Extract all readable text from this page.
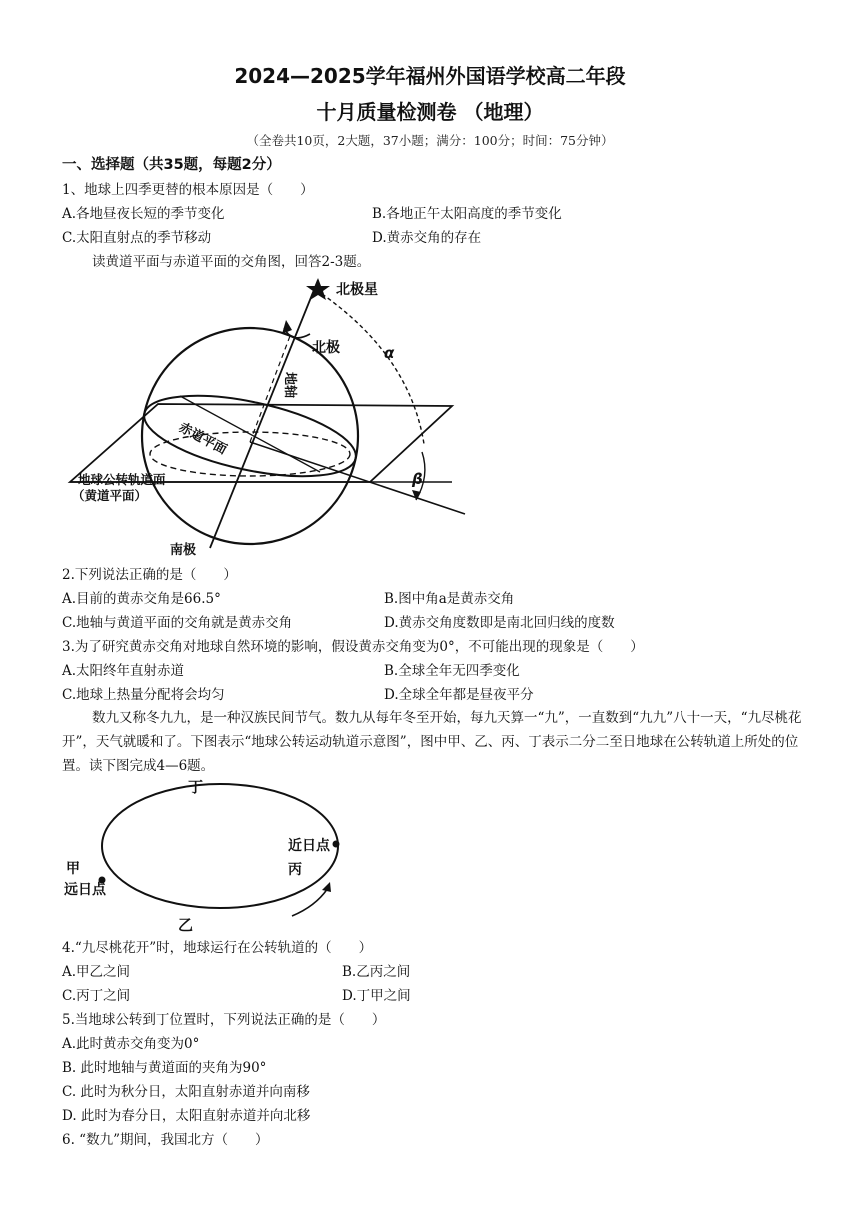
2024—2025学年福州外国语学校高二年段
十月质量检测卷 （地理）
（全卷共10页，2大题，37小题；满分：100分；时间：75分钟）
一、选择题（共35题，每题2分）
1、地球上四季更替的根本原因是（　　）
A.各地昼夜长短的季节变化	B.各地正午太阳高度的季节变化
C.太阳直射点的季节移动	D.黄赤交角的存在
读黄道平面与赤道平面的交角图，回答2-3题。
北极星
北极
地轴
赤道平面
地球公转轨道面
（黄道平面）
南极
α
β
2.下列说法正确的是（　　）
A.目前的黄赤交角是66.5°	B.图中角a是黄赤交角
C.地轴与黄道平面的交角就是黄赤交角	D.黄赤交角度数即是南北回归线的度数
3.为了研究黄赤交角对地球自然环境的影响，假设黄赤交角变为0°，不可能出现的现象是（　　）
A.太阳终年直射赤道	B.全球全年无四季变化
C.地球上热量分配将会均匀	D.全球全年都是昼夜平分
数九又称冬九九，是一种汉族民间节气。数九从每年冬至开始，每九天算一“九”，一直数到“九九”八十一天，“九尽桃花开”，天气就暖和了。下图表示“地球公转运动轨道示意图”，图中甲、乙、丙、丁表示二分二至日地球在公转轨道上所处的位置。读下图完成4—6题。
丁
近日点
丙
甲
远日点
乙
4.“九尽桃花开”时，地球运行在公转轨道的（　　）
A.甲乙之间	B.乙丙之间
C.丙丁之间	D.丁甲之间
5.当地球公转到丁位置时，下列说法正确的是（　　）
A.此时黄赤交角变为0°
B. 此时地轴与黄道面的夹角为90°
C. 此时为秋分日，太阳直射赤道并向南移
D. 此时为春分日，太阳直射赤道并向北移
6. “数九”期间，我国北方（　　）
